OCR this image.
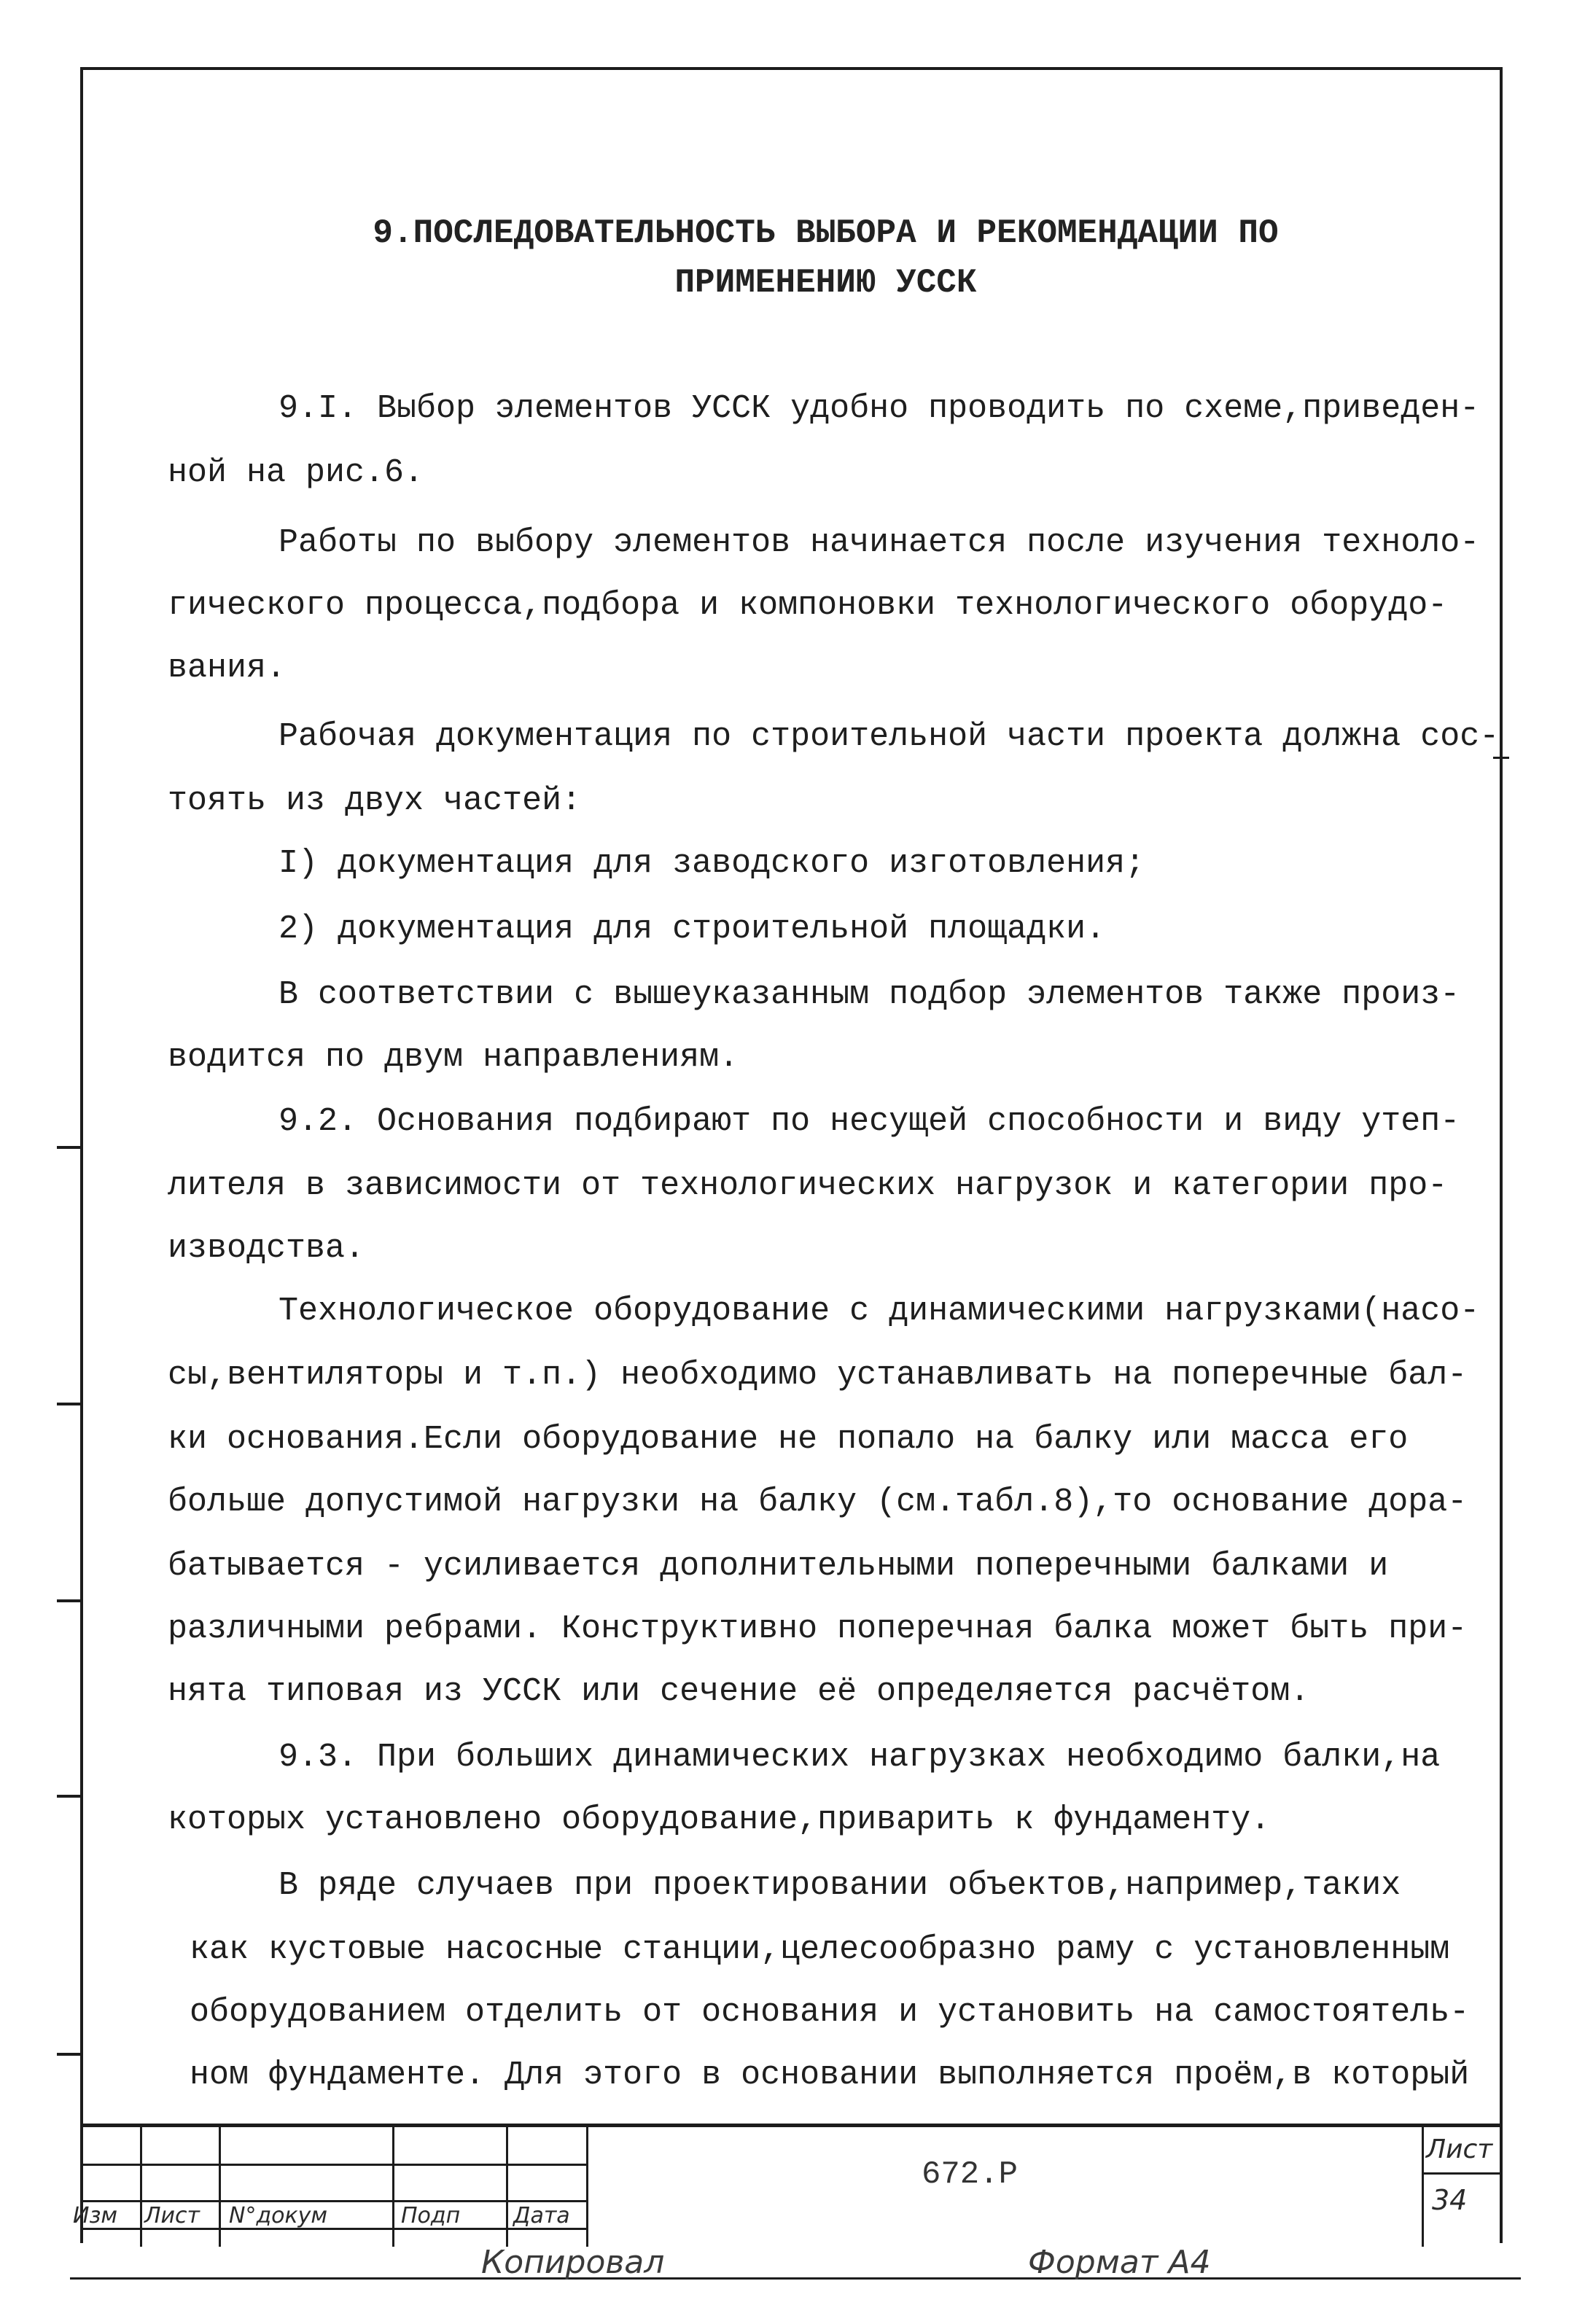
9.ПОСЛЕДОВАТЕЛЬНОСТЬ ВЫБОРА И РЕКОМЕНДАЦИИ ПО
ПРИМЕНЕНИЮ УССК
9.I. Выбор элементов УССК удобно проводить по схеме,приведен-
ной на рис.6.
Работы по выбору элементов начинается после изучения техноло-
гического процесса,подбора и компоновки технологического оборудо-
вания.
Рабочая документация по строительной части проекта должна сос-
тоять из двух частей:
I) документация для заводского изготовления;
2) документация для строительной площадки.
В соответствии с вышеуказанным подбор элементов также произ-
водится по двум направлениям.
9.2. Основания подбирают по несущей способности и виду утеп-
лителя в зависимости от технологических нагрузок и категории про-
изводства.
Технологическое оборудование с динамическими нагрузками(насо-
сы,вентиляторы и т.п.) необходимо устанавливать на поперечные бал-
ки основания.Если оборудование не попало на балку или масса его
больше допустимой нагрузки на балку (см.табл.8),то основание дора-
батывается - усиливается дополнительными поперечными балками и
различными ребрами. Конструктивно поперечная балка может быть при-
нята типовая из УССК или сечение её определяется расчётом.
9.3. При больших динамических нагрузках необходимо балки,на
которых установлено оборудование,приварить к фундаменту.
В ряде случаев при проектировании объектов,например,таких
как кустовые насосные станции,целесообразно раму с установленным
оборудованием отделить от основания и установить на самостоятель-
ном фундаменте. Для этого в основании выполняется проём,в который
Изм Лист N°докум	Подп Дата
672.Р
Лист
34
Копировал	Формат А4
